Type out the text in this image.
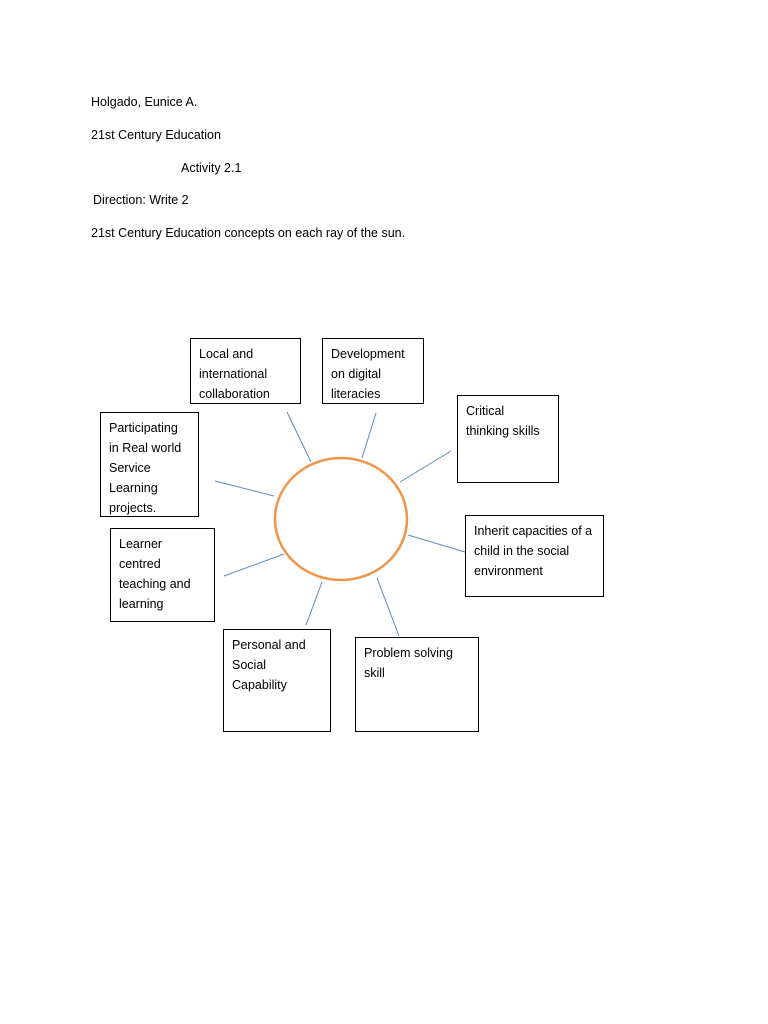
Holgado, Eunice A.
21st Century Education
Activity 2.1
Direction: Write 2
21st Century Education concepts on each ray of the sun.
Local and
international
collaboration
Development
on digital
literacies
Critical
thinking skills
Participating
in Real world
Service
Learning
projects.
Inherit capacities of a
child in the social
environment
Learner
centred
teaching and
learning
Personal and
Social
Capability
Problem solving
skill
